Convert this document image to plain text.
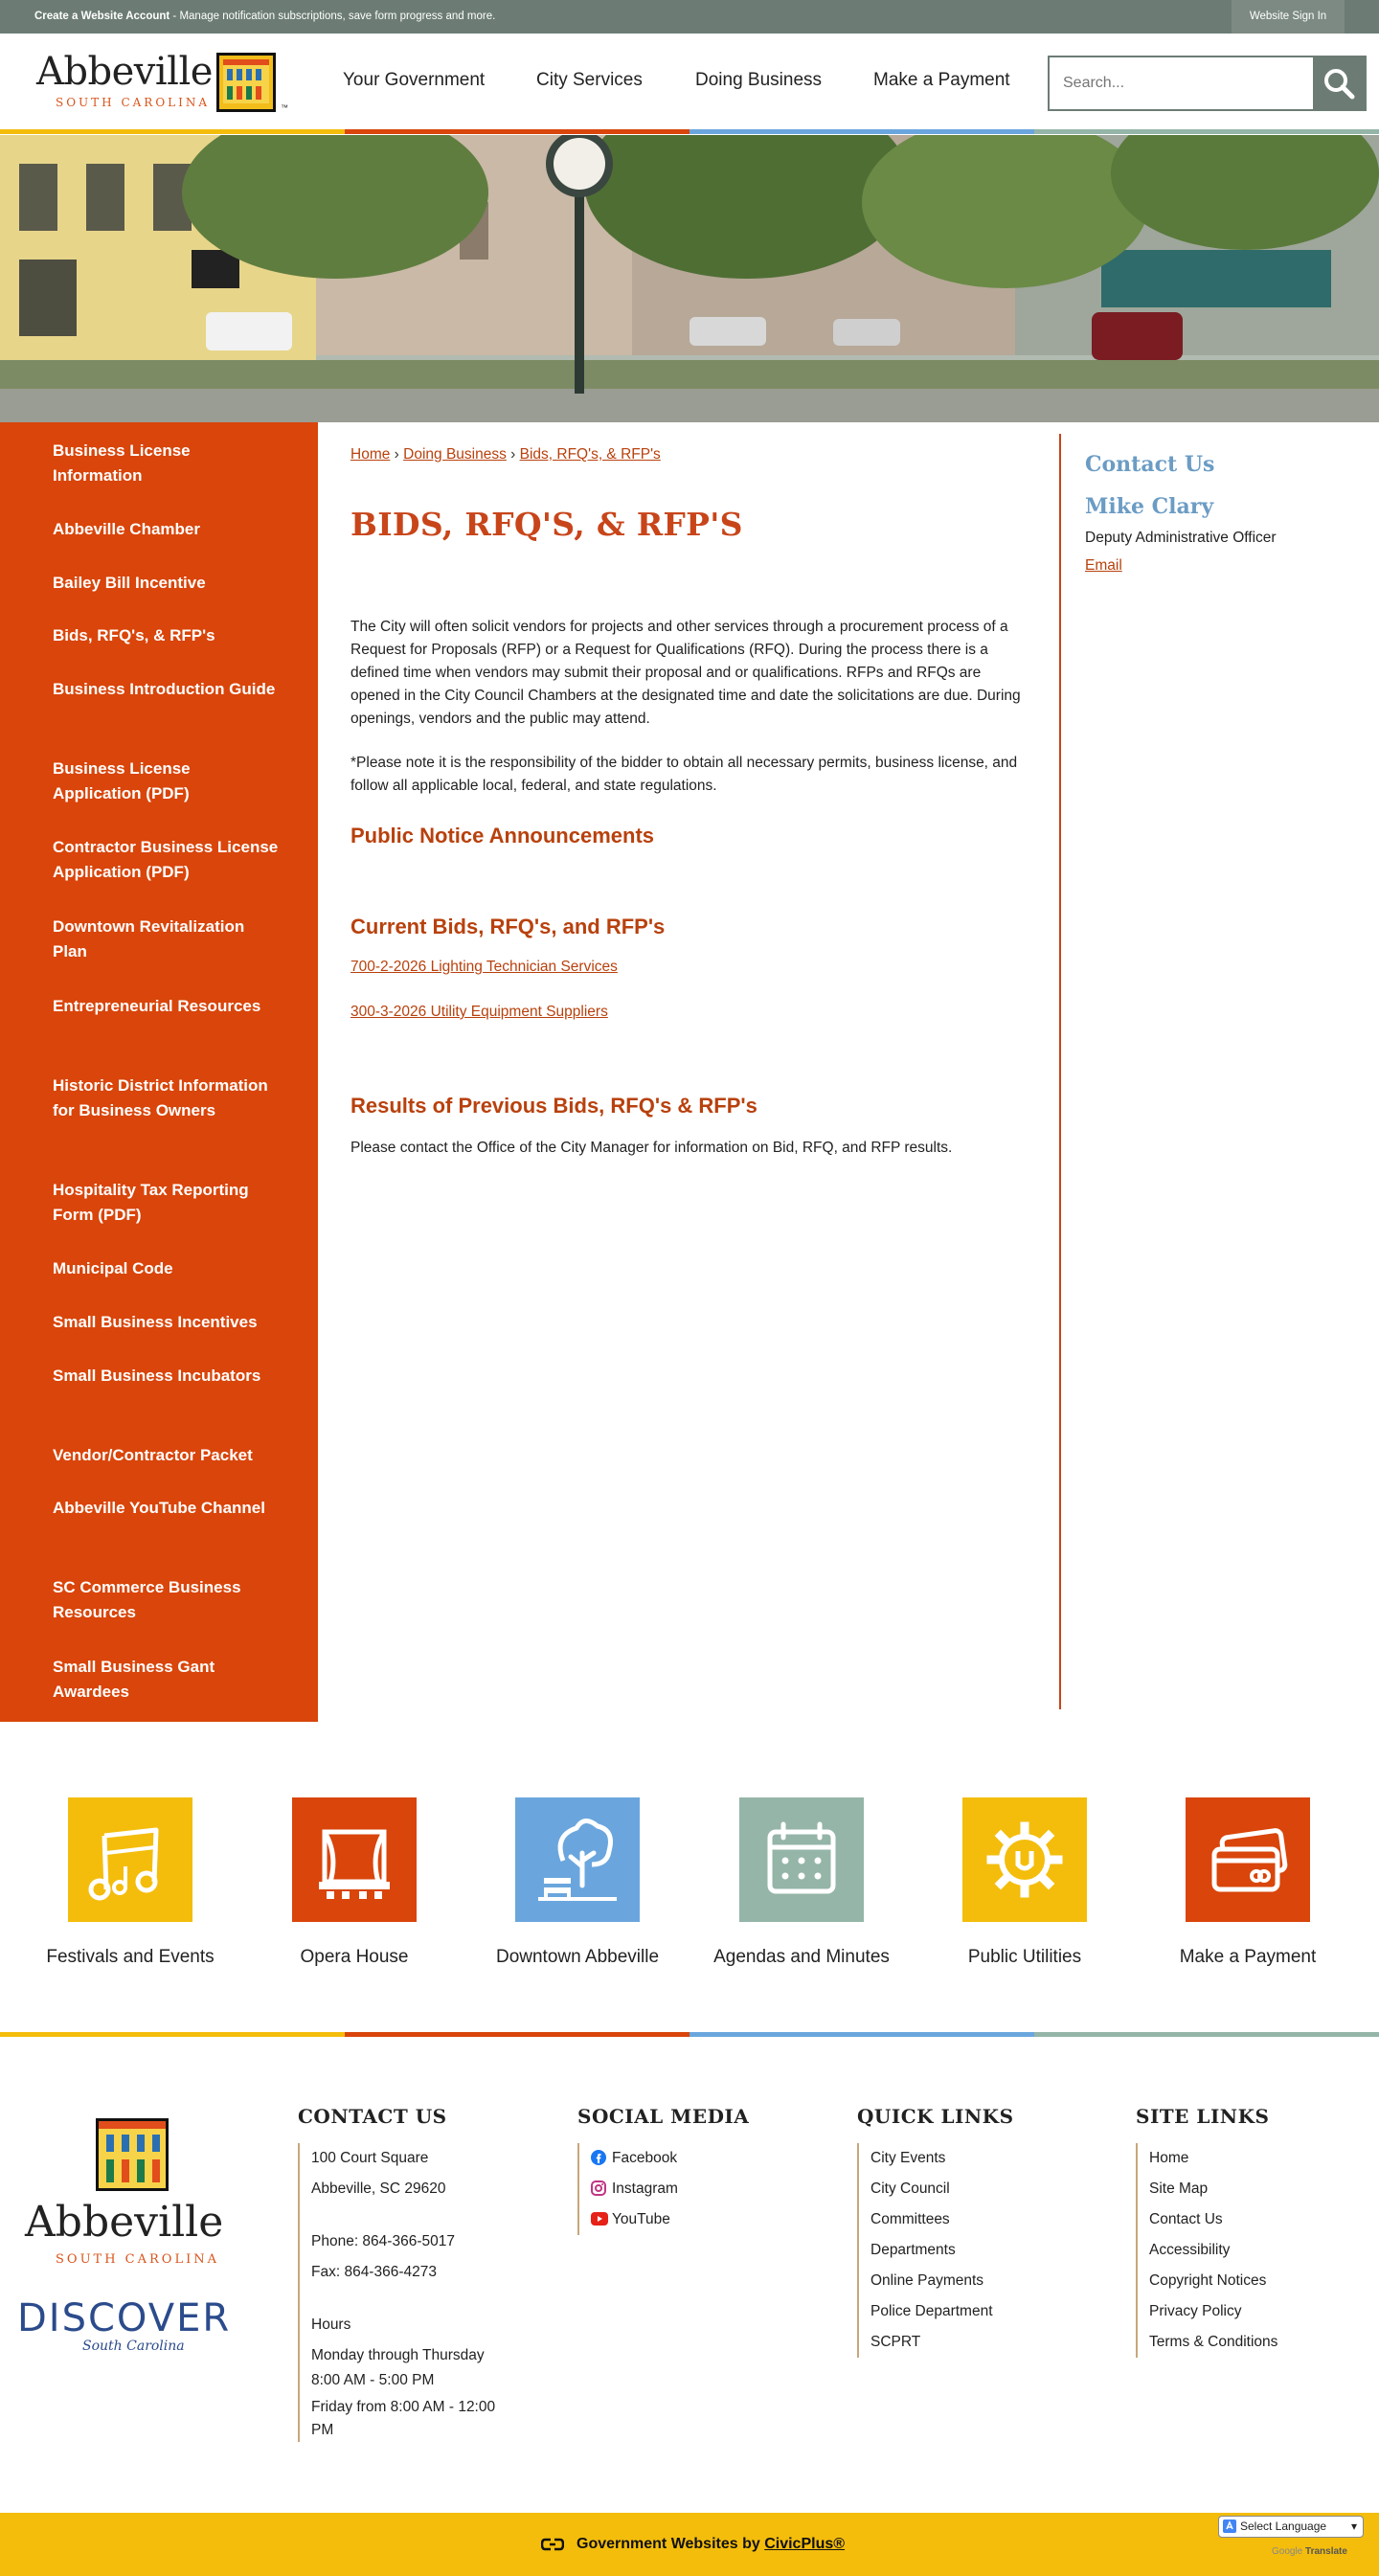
Create a Website Account - Manage notification subscriptions, save form progress and more.	Website Sign In
Abbeville
SOUTH CAROLINA	™
Your Government	City Services	Doing Business	Make a Payment
Search...
Business License Information
Abbeville Chamber
Bailey Bill Incentive
Bids, RFQ's, & RFP's
Business Introduction Guide
Business License Application (PDF)
Contractor Business License Application (PDF)
Downtown Revitalization Plan
Entrepreneurial Resources
Historic District Information for Business Owners
Hospitality Tax Reporting Form (PDF)
Municipal Code
Small Business Incentives
Small Business Incubators
Vendor/Contractor Packet
Abbeville YouTube Channel
SC Commerce Business Resources
Small Business Gant Awardees
Home › Doing Business › Bids, RFQ's, & RFP's
BIDS, RFQ'S, & RFP'S

The City will often solicit vendors for projects and other services through a procurement process of a Request for Proposals (RFP) or a Request for Qualifications (RFQ). During the process there is a defined time when vendors may submit their proposal and or qualifications. RFPs and RFQs are opened in the City Council Chambers at the designated time and date the solicitations are due. During openings, vendors and the public may attend.

*Please note it is the responsibility of the bidder to obtain all necessary permits, business license, and follow all applicable local, federal, and state regulations.

Public Notice Announcements
Current Bids, RFQ's, and RFP's
700-2-2026 Lighting Technician Services
300-3-2026 Utility Equipment Suppliers
Results of Previous Bids, RFQ's & RFP's

Please contact the Office of the City Manager for information on Bid, RFQ, and RFP results.

Contact Us
Mike Clary
Deputy Administrative Officer
Email
Festivals and Events	Opera House	Downtown Abbeville	Agendas and Minutes	Public Utilities	Make a Payment
Abbeville
SOUTH CAROLINA
DISCOVER
South Carolina
CONTACT US
100 Court Square
Abbeville, SC 29620
Phone: 864-366-5017
Fax: 864-366-4273
Hours
Monday through Thursday
8:00 AM - 5:00 PM
Friday from 8:00 AM - 12:00 PM
SOCIAL MEDIA
Facebook
Instagram
YouTube
QUICK LINKS
City Events
City Council
Committees
Departments
Online Payments
Police Department
SCPRT
SITE LINKS
Home
Site Map
Contact Us
Accessibility
Copyright Notices
Privacy Policy
Terms & Conditions
Government Websites by CivicPlus®
Select Language ▾
Google Translate
